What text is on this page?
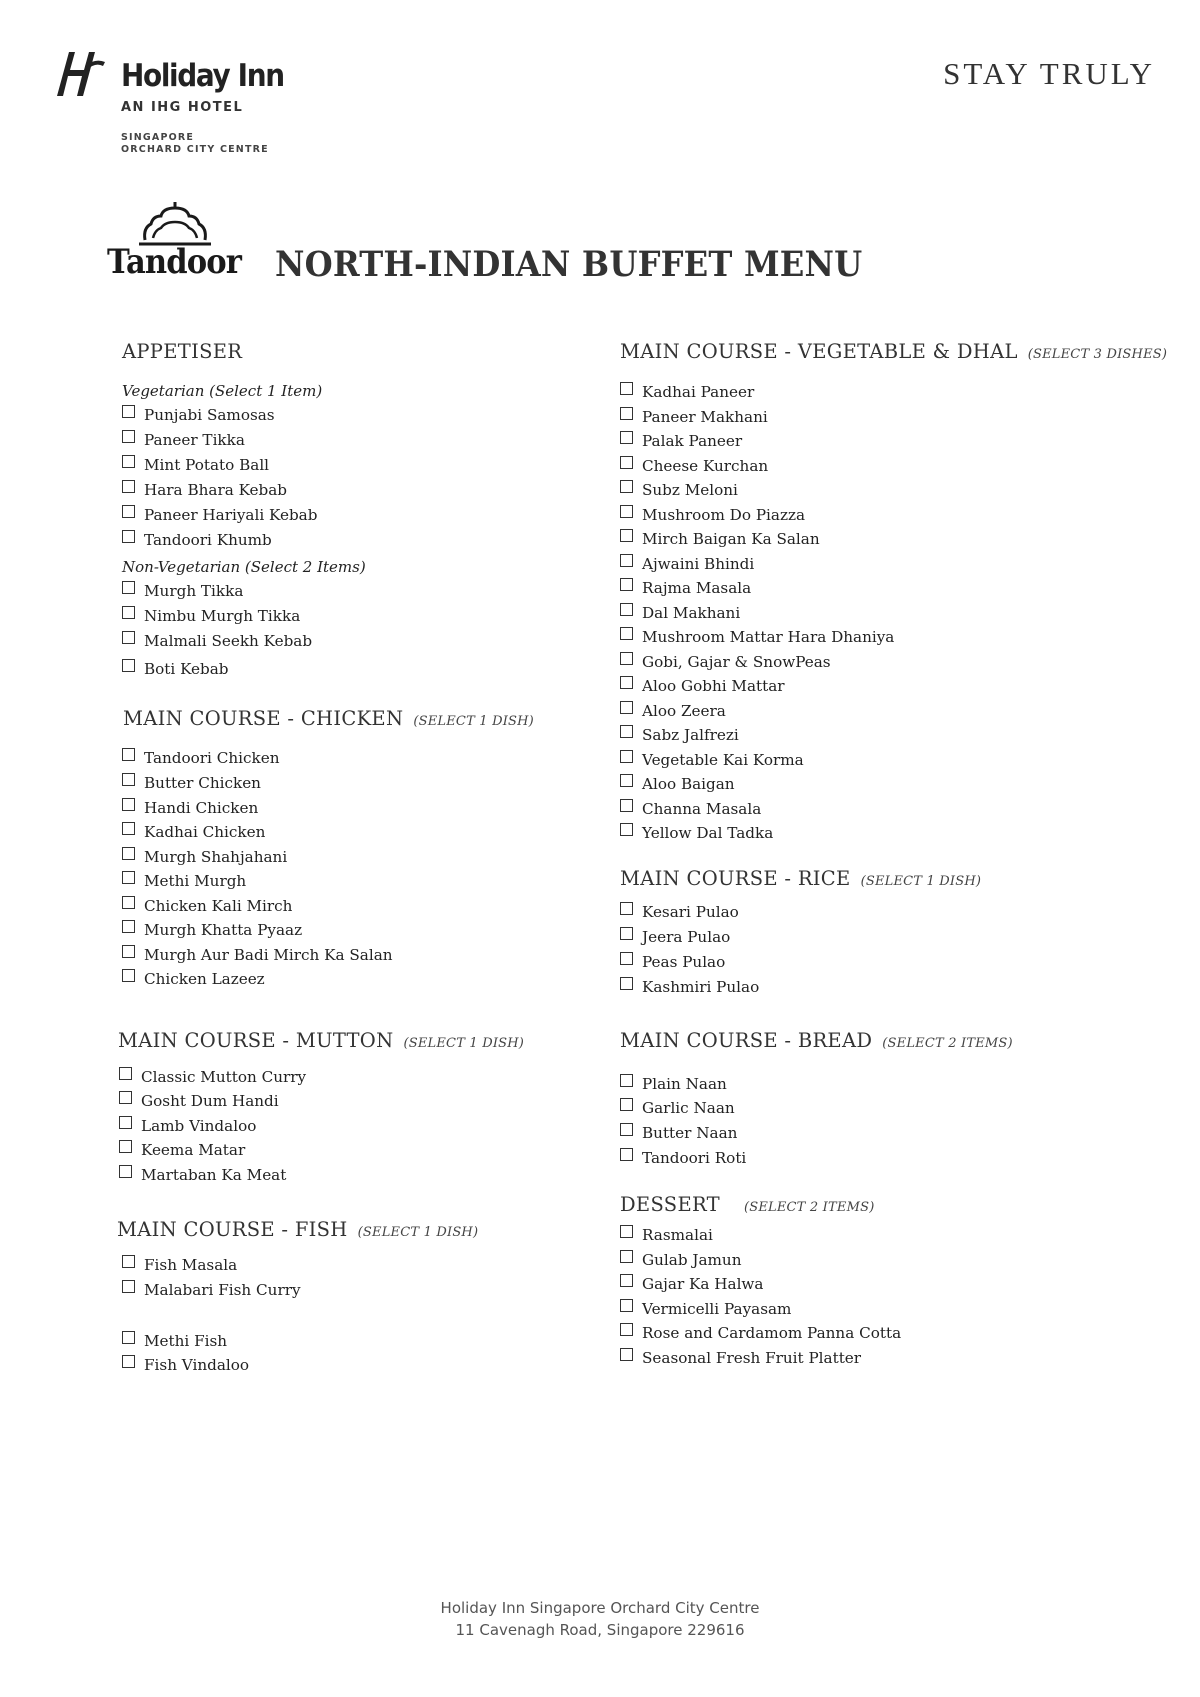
Holiday Inn
AN IHG HOTEL
SINGAPORE
ORCHARD CITY CENTRE
STAY TRULY
Tandoor NORTH-INDIAN BUFFET MENU
APPETISER
Vegetarian (Select 1 Item)
Punjabi Samosas
Paneer Tikka
Mint Potato Ball
Hara Bhara Kebab
Paneer Hariyali Kebab
Tandoori Khumb
Non-Vegetarian (Select 2 Items)
Murgh Tikka
Nimbu Murgh Tikka
Malmali Seekh Kebab
Boti Kebab
MAIN COURSE - CHICKEN (SELECT 1 DISH)
Tandoori Chicken
Butter Chicken
Handi Chicken
Kadhai Chicken
Murgh Shahjahani
Methi Murgh
Chicken Kali Mirch
Murgh Khatta Pyaaz
Murgh Aur Badi Mirch Ka Salan
Chicken Lazeez
MAIN COURSE - MUTTON (SELECT 1 DISH)
Classic Mutton Curry
Gosht Dum Handi
Lamb Vindaloo
Keema Matar
Martaban Ka Meat
MAIN COURSE - FISH (SELECT 1 DISH)
Fish Masala
Malabari Fish Curry
Methi Fish
Fish Vindaloo
MAIN COURSE - VEGETABLE & DHAL (SELECT 3 DISHES)
Kadhai Paneer
Paneer Makhani
Palak Paneer
Cheese Kurchan
Subz Meloni
Mushroom Do Piazza
Mirch Baigan Ka Salan
Ajwaini Bhindi
Rajma Masala
Dal Makhani
Mushroom Mattar Hara Dhaniya
Gobi, Gajar & SnowPeas
Aloo Gobhi Mattar
Aloo Zeera
Sabz Jalfrezi
Vegetable Kai Korma
Aloo Baigan
Channa Masala
Yellow Dal Tadka
MAIN COURSE - RICE (SELECT 1 DISH)
Kesari Pulao
Jeera Pulao
Peas Pulao
Kashmiri Pulao
MAIN COURSE - BREAD (SELECT 2 ITEMS)
Plain Naan
Garlic Naan
Butter Naan
Tandoori Roti
DESSERT (SELECT 2 ITEMS)
Rasmalai
Gulab Jamun
Gajar Ka Halwa
Vermicelli Payasam
Rose and Cardamom Panna Cotta
Seasonal Fresh Fruit Platter
Holiday Inn Singapore Orchard City Centre
11 Cavenagh Road, Singapore 229616
